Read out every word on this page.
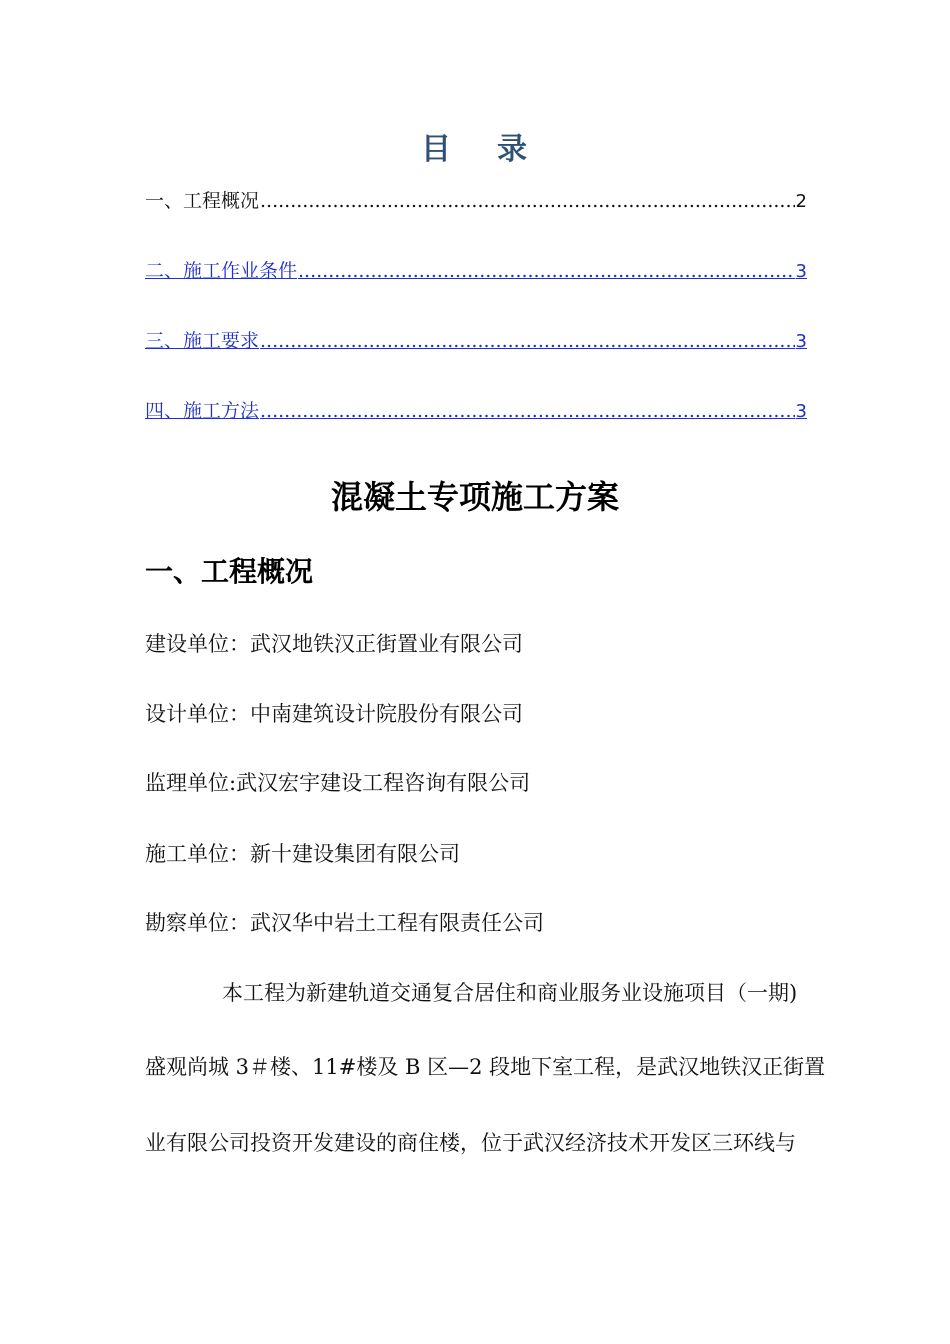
目 录
一、工程概况 .....	2
二、施工作业条件 .....	3
三、施工要求 .....	3
四、施工方法 .....	3
混凝土专项施工方案
一、工程概况
建设单位：武汉地铁汉正街置业有限公司
设计单位：中南建筑设计院股份有限公司
监理单位:武汉宏宇建设工程咨询有限公司
施工单位：新十建设集团有限公司
勘察单位：武汉华中岩土工程有限责任公司
本工程为新建轨道交通复合居住和商业服务业设施项目（一期)
盛观尚城 3＃楼、11#楼及 B 区—2 段地下室工程，是武汉地铁汉正街置
业有限公司投资开发建设的商住楼，位于武汉经济技术开发区三环线与
